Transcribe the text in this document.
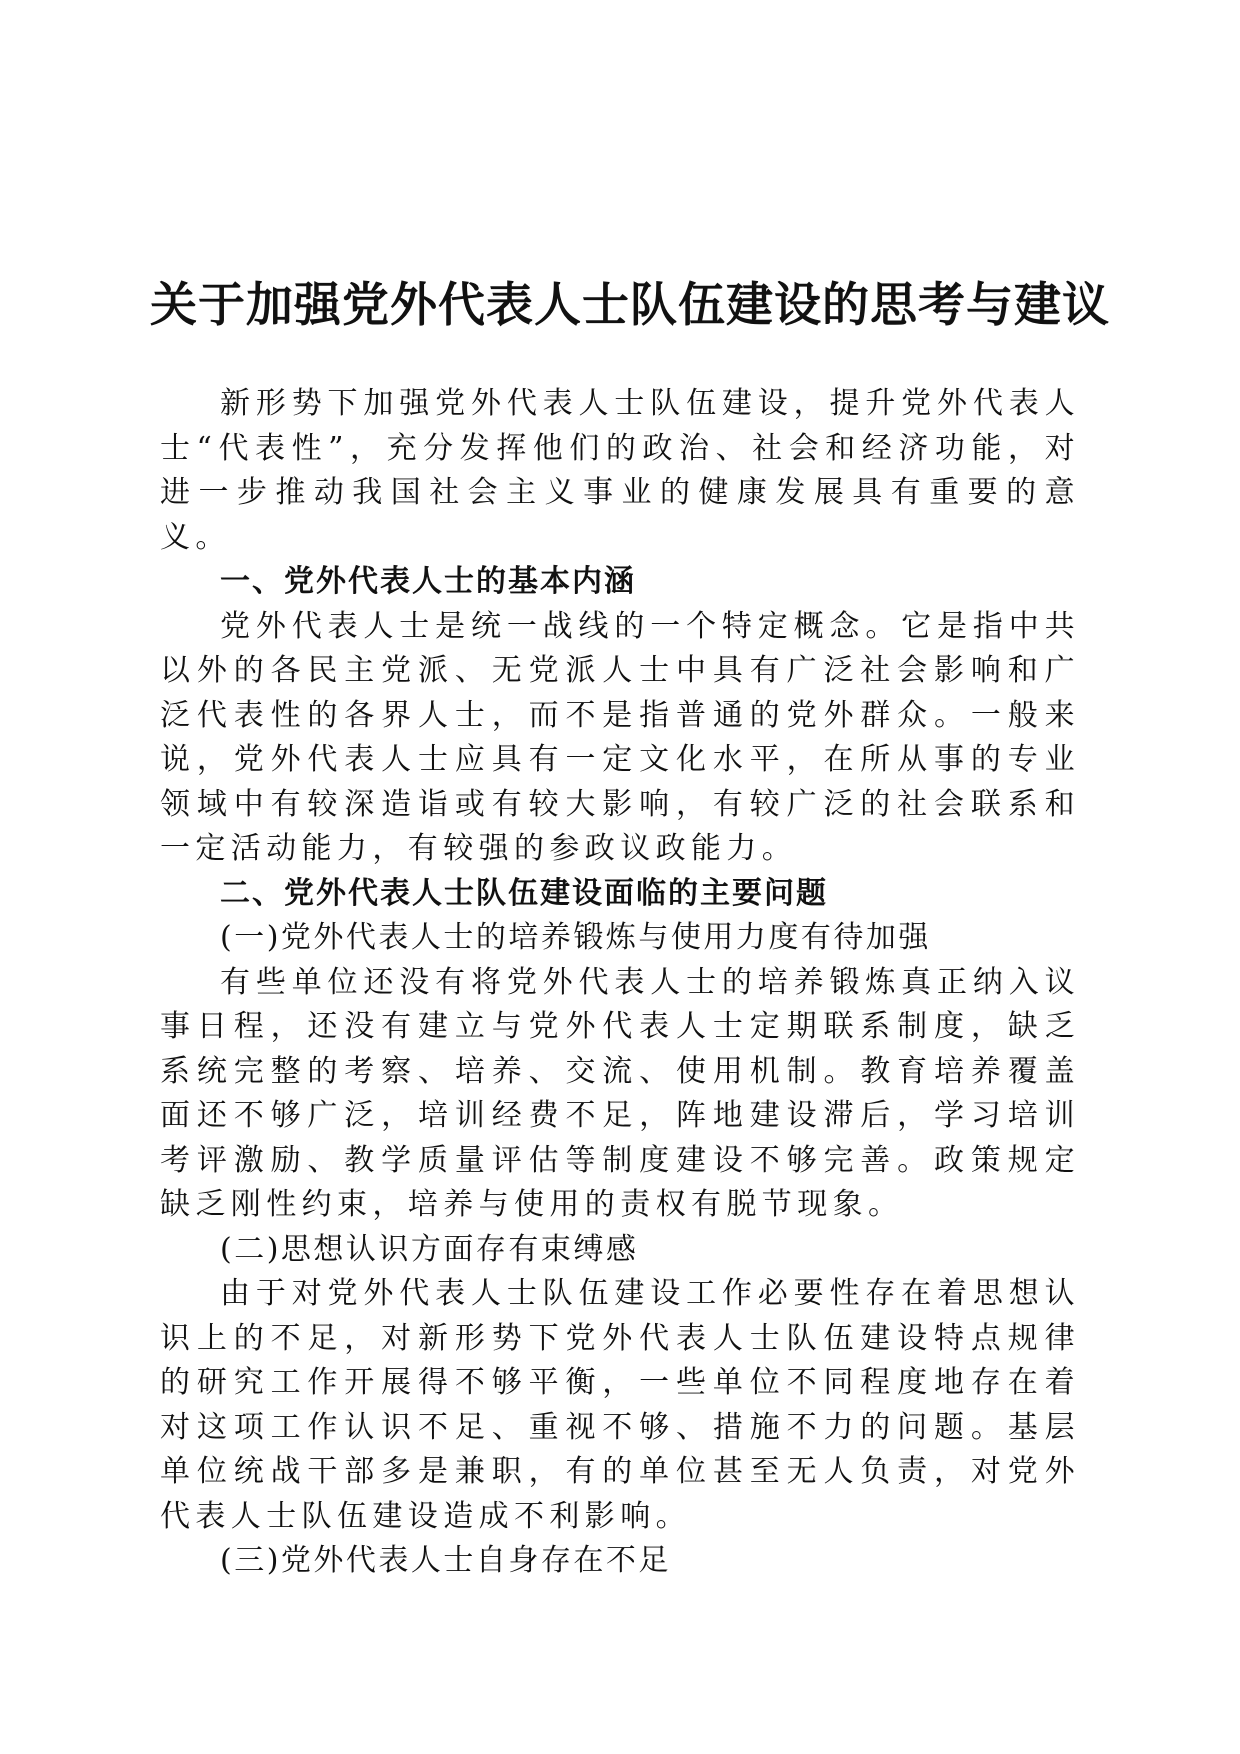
关于加强党外代表人士队伍建设的思考与建议

新形势下加强党外代表人士队伍建设，提升党外代表人士“代表性”，充分发挥他们的政治、社会和经济功能，对进一步推动我国社会主义事业的健康发展具有重要的意义。

一、党外代表人士的基本内涵

党外代表人士是统一战线的一个特定概念。它是指中共以外的各民主党派、无党派人士中具有广泛社会影响和广泛代表性的各界人士，而不是指普通的党外群众。一般来说，党外代表人士应具有一定文化水平，在所从事的专业领域中有较深造诣或有较大影响，有较广泛的社会联系和一定活动能力，有较强的参政议政能力。

二、党外代表人士队伍建设面临的主要问题

(一)党外代表人士的培养锻炼与使用力度有待加强

有些单位还没有将党外代表人士的培养锻炼真正纳入议事日程，还没有建立与党外代表人士定期联系制度，缺乏系统完整的考察、培养、交流、使用机制。教育培养覆盖面还不够广泛，培训经费不足，阵地建设滞后，学习培训考评激励、教学质量评估等制度建设不够完善。政策规定缺乏刚性约束，培养与使用的责权有脱节现象。

(二)思想认识方面存有束缚感

由于对党外代表人士队伍建设工作必要性存在着思想认识上的不足，对新形势下党外代表人士队伍建设特点规律的研究工作开展得不够平衡，一些单位不同程度地存在着对这项工作认识不足、重视不够、措施不力的问题。基层单位统战干部多是兼职，有的单位甚至无人负责，对党外代表人士队伍建设造成不利影响。

(三)党外代表人士自身存在不足
